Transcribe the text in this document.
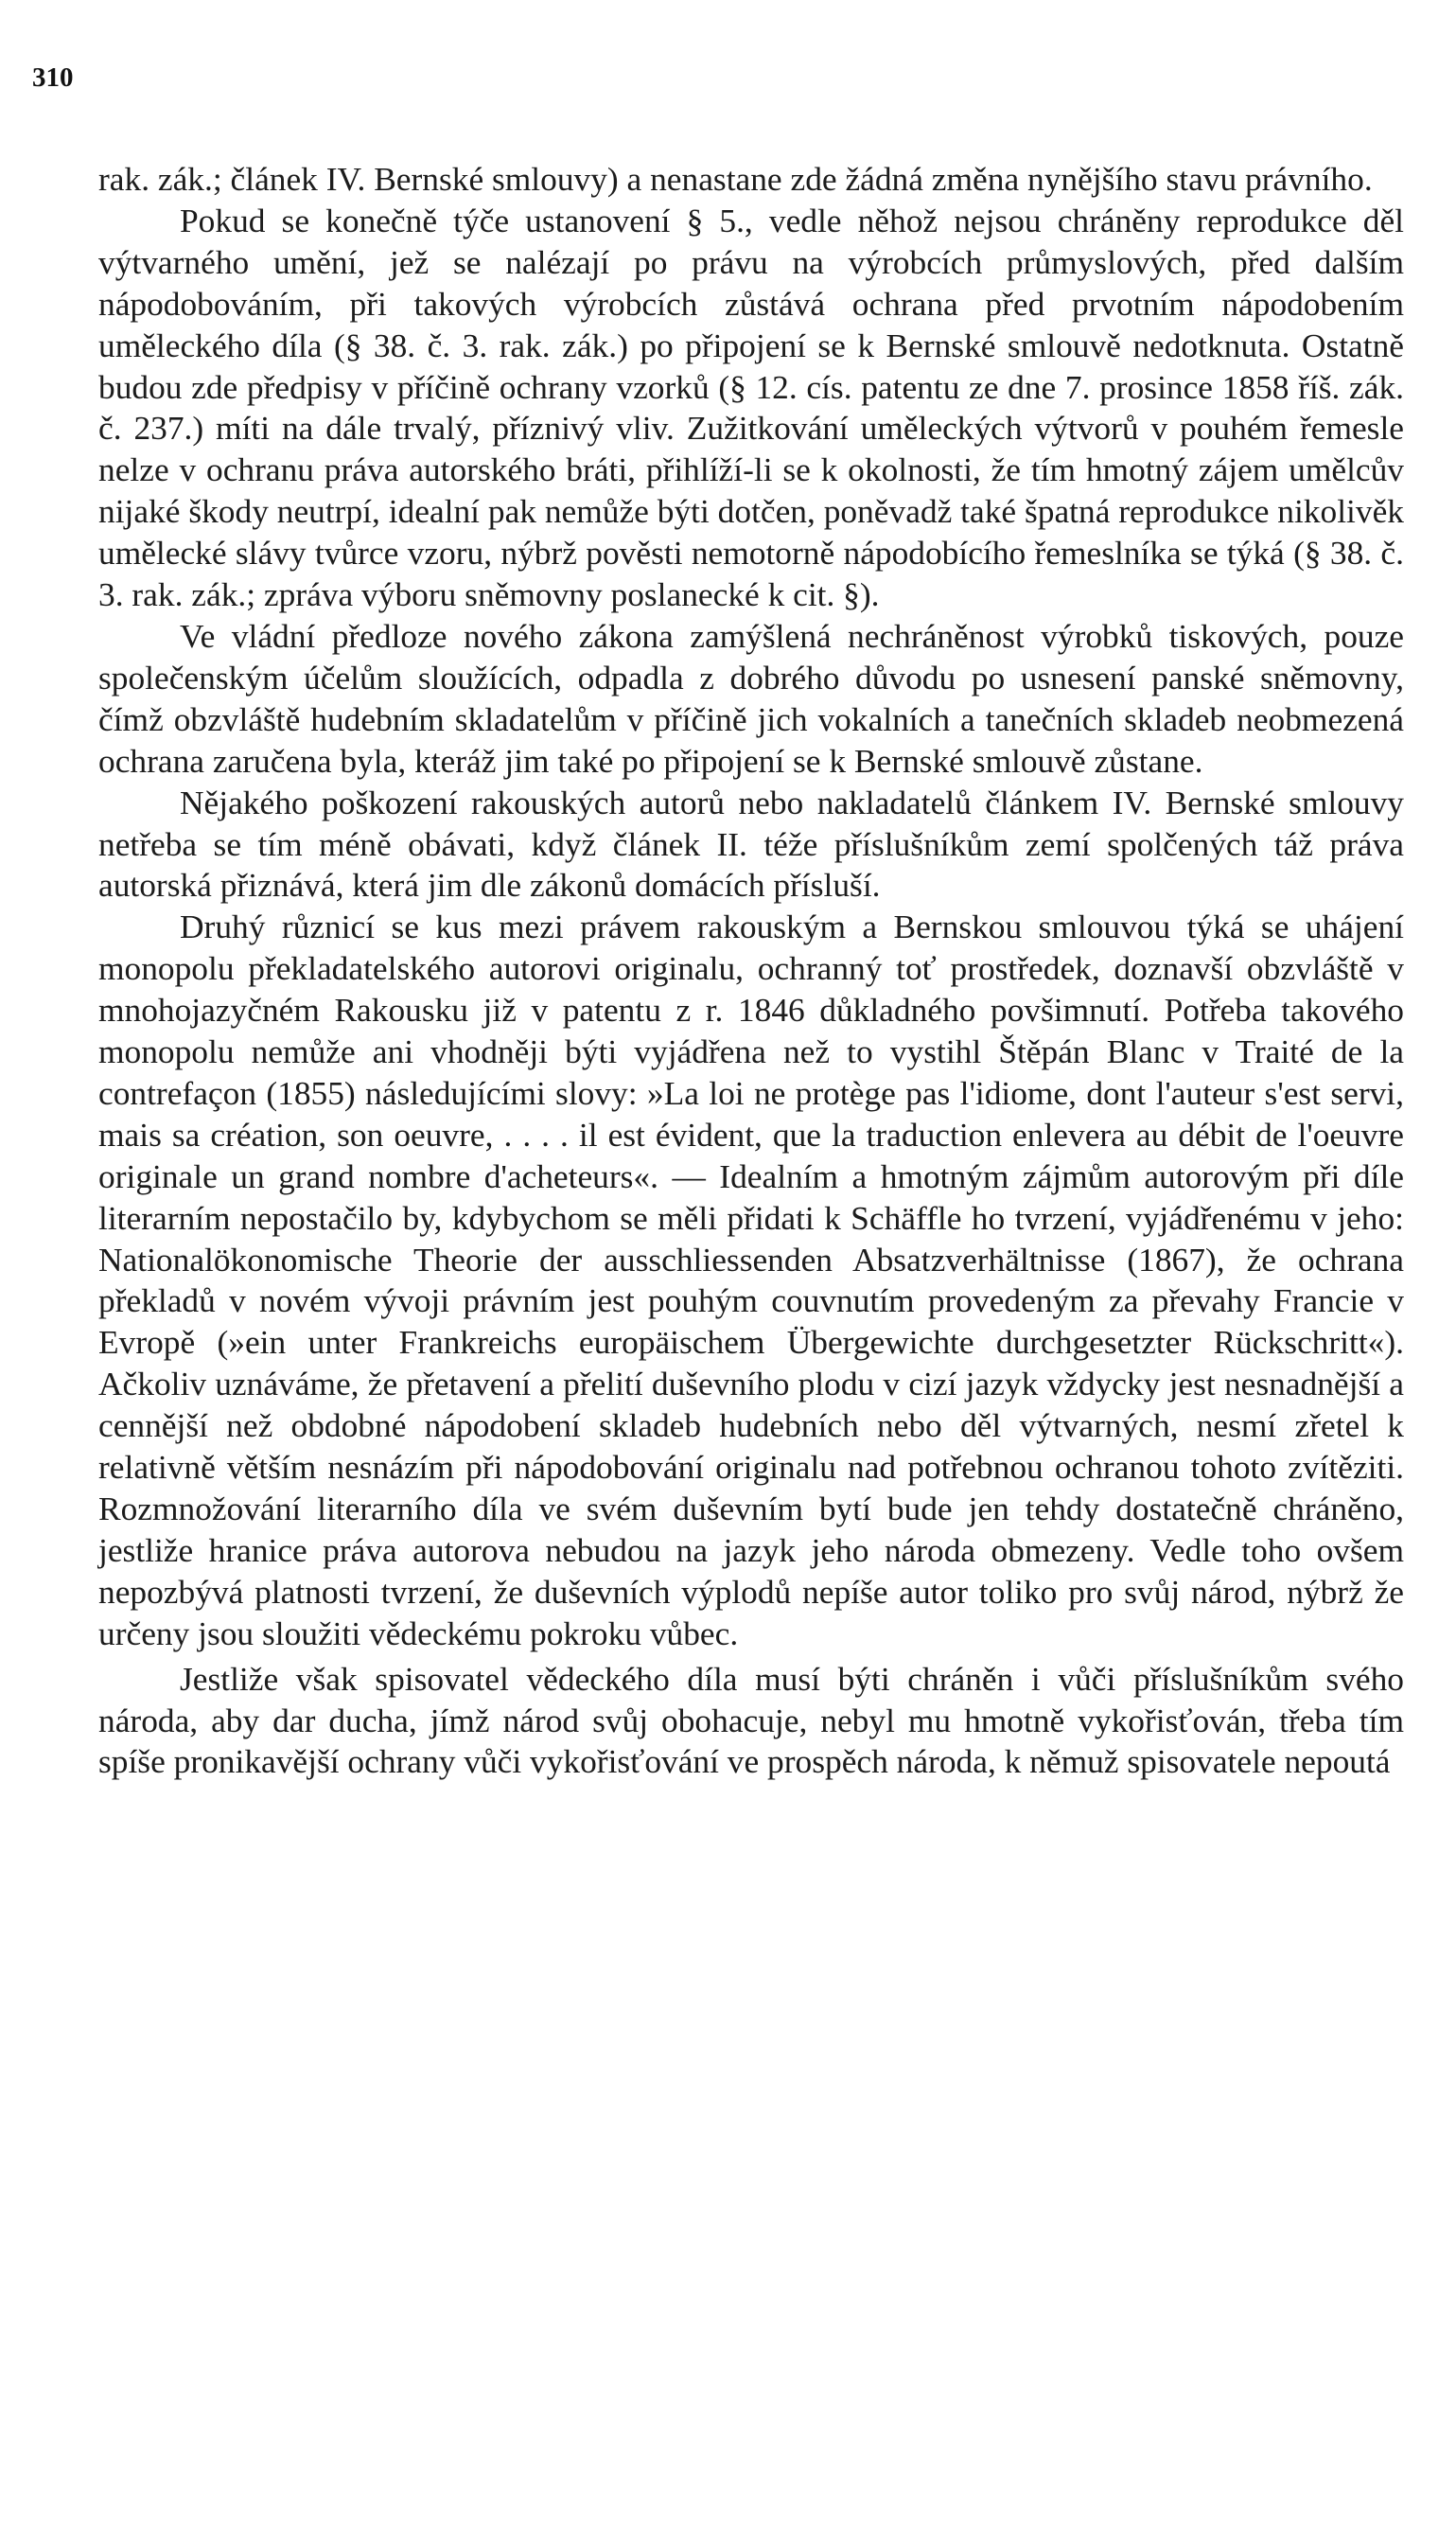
310

rak. zák.; článek IV. Bernské smlouvy) a nenastane zde žádná změna nynějšího stavu právního.

Pokud se konečně týče ustanovení § 5., vedle něhož nejsou chráněny reprodukce děl výtvarného umění, jež se nalézají po právu na výrobcích průmyslových, před dalším nápodobováním, při takových výrobcích zůstává ochrana před prvotním nápodobením uměleckého díla (§ 38. č. 3. rak. zák.) po připojení se k Bernské smlouvě nedotknuta. Ostatně budou zde předpisy v příčině ochrany vzorků (§ 12. cís. patentu ze dne 7. prosince 1858 říš. zák. č. 237.) míti na dále trvalý, příznivý vliv. Zužitkování uměleckých výtvorů v pouhém řemesle nelze v ochranu práva autorského bráti, přihlíží-li se k okolnosti, že tím hmotný zájem umělcův nijaké škody neutrpí, idealní pak nemůže býti dotčen, poněvadž také špatná reprodukce nikolivěk umělecké slávy tvůrce vzoru, nýbrž pověsti nemotorně nápodobícího řemeslníka se týká (§ 38. č. 3. rak. zák.; zpráva výboru sněmovny poslanecké k cit. §).

Ve vládní předloze nového zákona zamýšlená nechráněnost výrobků tiskových, pouze společenským účelům sloužících, odpadla z dobrého důvodu po usnesení panské sněmovny, čímž obzvláště hudebním skladatelům v příčině jich vokalních a tanečních skladeb neobmezená ochrana zaručena byla, kteráž jim také po připojení se k Bernské smlouvě zůstane.

Nějakého poškození rakouských autorů nebo nakladatelů článkem IV. Bernské smlouvy netřeba se tím méně obávati, když článek II. téže příslušníkům zemí spolčených táž práva autorská přiznává, která jim dle zákonů domácích přísluší.

Druhý různicí se kus mezi právem rakouským a Bernskou smlouvou týká se uhájení monopolu překladatelského autorovi originalu, ochranný toť prostředek, doznavší obzvláště v mnohojazyčném Rakousku již v patentu z r. 1846 důkladného povšimnutí. Potřeba takového monopolu nemůže ani vhodněji býti vyjádřena než to vystihl Štěpán Blanc v Traité de la contrefaçon (1855) následujícími slovy: »La loi ne protège pas l'idiome, dont l'auteur s'est servi, mais sa création, son oeuvre, . . . . il est évident, que la traduction enlevera au débit de l'oeuvre originale un grand nombre d'acheteurs«. — Idealním a hmotným zájmům autorovým při díle literarním nepostačilo by, kdybychom se měli přidati k Schäffle ho tvrzení, vyjádřenému v jeho: Nationalökonomische Theorie der ausschliessenden Absatzverhältnisse (1867), že ochrana překladů v novém vývoji právním jest pouhým couvnutím provedeným za převahy Francie v Evropě (»ein unter Frankreichs europäischem Übergewichte durchgesetzter Rückschritt«). Ačkoliv uznáváme, že přetavení a přelití duševního plodu v cizí jazyk vždycky jest nesnadnější a cennější než obdobné nápodobení skladeb hudebních nebo děl výtvarných, nesmí zřetel k relativně větším nesnázím při nápodobování originalu nad potřebnou ochranou tohoto zvítěziti. Rozmnožování literarního díla ve svém duševním bytí bude jen tehdy dostatečně chráněno, jestliže hranice práva autorova nebudou na jazyk jeho národa obmezeny. Vedle toho ovšem nepozbývá platnosti tvrzení, že duševních výplodů nepíše autor toliko pro svůj národ, nýbrž že určeny jsou sloužiti vědeckému pokroku vůbec.

Jestliže však spisovatel vědeckého díla musí býti chráněn i vůči příslušníkům svého národa, aby dar ducha, jímž národ svůj obohacuje, nebyl mu hmotně vykořisťován, třeba tím spíše pronikavější ochrany vůči vykořisťování ve prospěch národa, k němuž spisovatele nepoutá
